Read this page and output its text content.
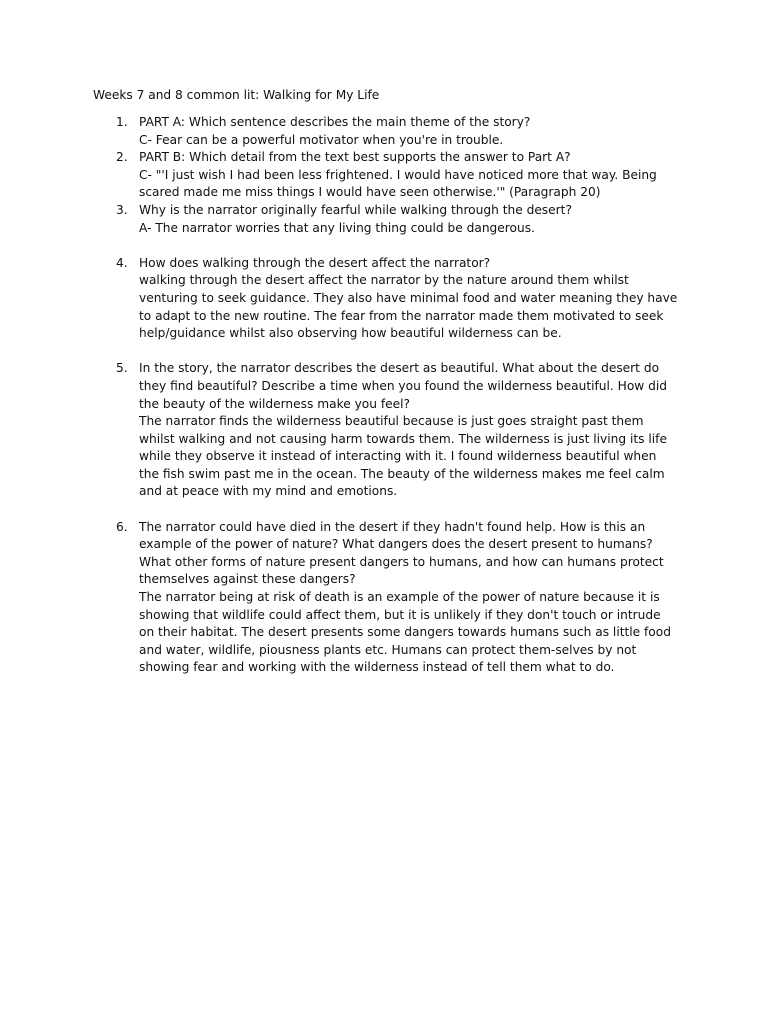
Weeks 7 and 8 common lit: Walking for My Life
1. PART A: Which sentence describes the main theme of the story?
C- Fear can be a powerful motivator when you're in trouble.
2. PART B: Which detail from the text best supports the answer to Part A?
C- "'I just wish I had been less frightened. I would have noticed more that way. Being scared made me miss things I would have seen otherwise.'" (Paragraph 20)
3. Why is the narrator originally fearful while walking through the desert?
A- The narrator worries that any living thing could be dangerous.
4. How does walking through the desert affect the narrator?
walking through the desert affect the narrator by the nature around them whilst venturing to seek guidance. They also have minimal food and water meaning they have to adapt to the new routine. The fear from the narrator made them motivated to seek help/guidance whilst also observing how beautiful wilderness can be.
5. In the story, the narrator describes the desert as beautiful. What about the desert do they find beautiful? Describe a time when you found the wilderness beautiful. How did the beauty of the wilderness make you feel?
The narrator finds the wilderness beautiful because is just goes straight past them whilst walking and not causing harm towards them. The wilderness is just living its life while they observe it instead of interacting with it. I found wilderness beautiful when the fish swim past me in the ocean. The beauty of the wilderness makes me feel calm and at peace with my mind and emotions.
6. The narrator could have died in the desert if they hadn't found help. How is this an example of the power of nature? What dangers does the desert present to humans? What other forms of nature present dangers to humans, and how can humans protect themselves against these dangers?
The narrator being at risk of death is an example of the power of nature because it is showing that wildlife could affect them, but it is unlikely if they don't touch or intrude on their habitat. The desert presents some dangers towards humans such as little food and water, wildlife, piousness plants etc. Humans can protect them-selves by not showing fear and working with the wilderness instead of tell them what to do.
